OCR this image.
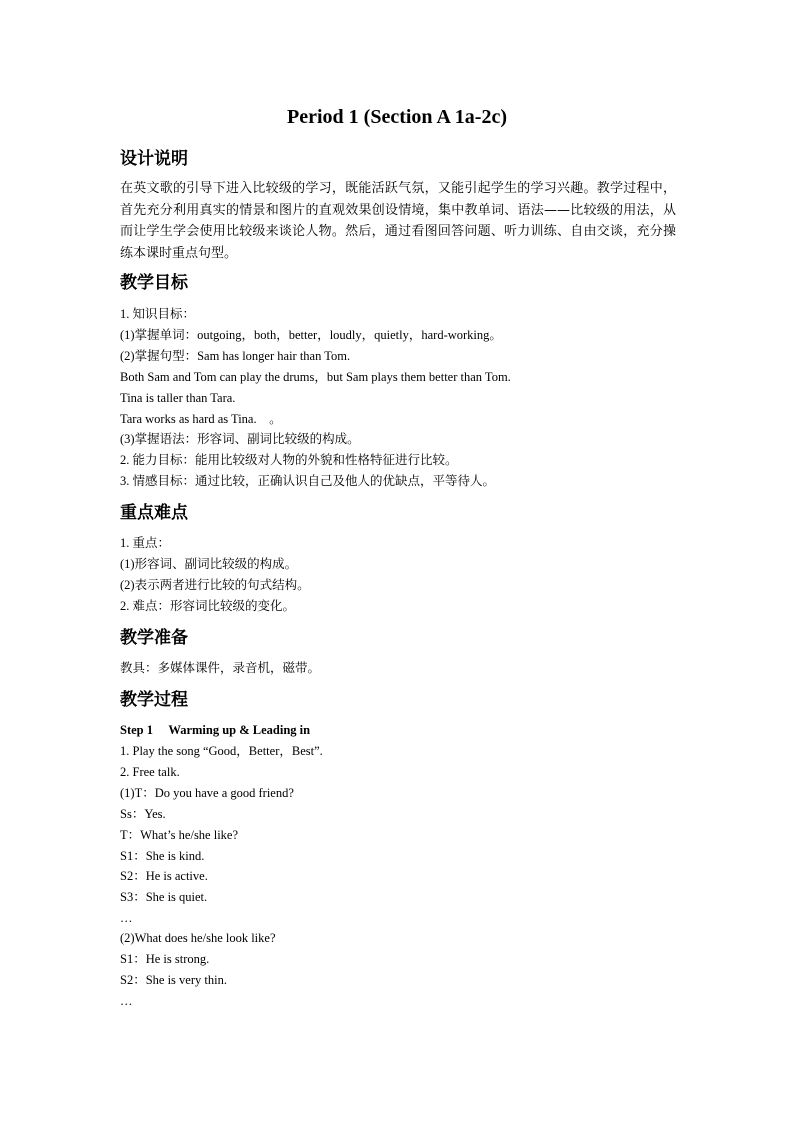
Period 1 (Section A 1a-2c)
设计说明
在英文歌的引导下进入比较级的学习，既能活跃气氛，又能引起学生的学习兴趣。教学过程中，首先充分利用真实的情景和图片的直观效果创设情境，集中教单词、语法——比较级的用法，从而让学生学会使用比较级来谈论人物。然后，通过看图回答问题、听力训练、自由交谈，充分操练本课时重点句型。
教学目标
1. 知识目标：
(1)掌握单词：outgoing，both，better，loudly，quietly，hard-working。
(2)掌握句型：Sam has longer hair than Tom.
Both Sam and Tom can play the drums，but Sam plays them better than Tom.
Tina is taller than Tara.
Tara works as hard as Tina.　。
(3)掌握语法：形容词、副词比较级的构成。
2. 能力目标：能用比较级对人物的外貌和性格特征进行比较。
3. 情感目标：通过比较，正确认识自己及他人的优缺点，平等待人。
重点难点
1. 重点：
(1)形容词、副词比较级的构成。
(2)表示两者进行比较的句式结构。
2. 难点：形容词比较级的变化。
教学准备
教具：多媒体课件，录音机，磁带。
教学过程
Step 1　 Warming up & Leading in
1. Play the song “Good，Better，Best”.
2. Free talk.
(1)T：Do you have a good friend?
Ss：Yes.
T：What’s he/she like?
S1：She is kind.
S2：He is active.
S3：She is quiet.
…
(2)What does he/she look like?
S1：He is strong.
S2：She is very thin.
…
